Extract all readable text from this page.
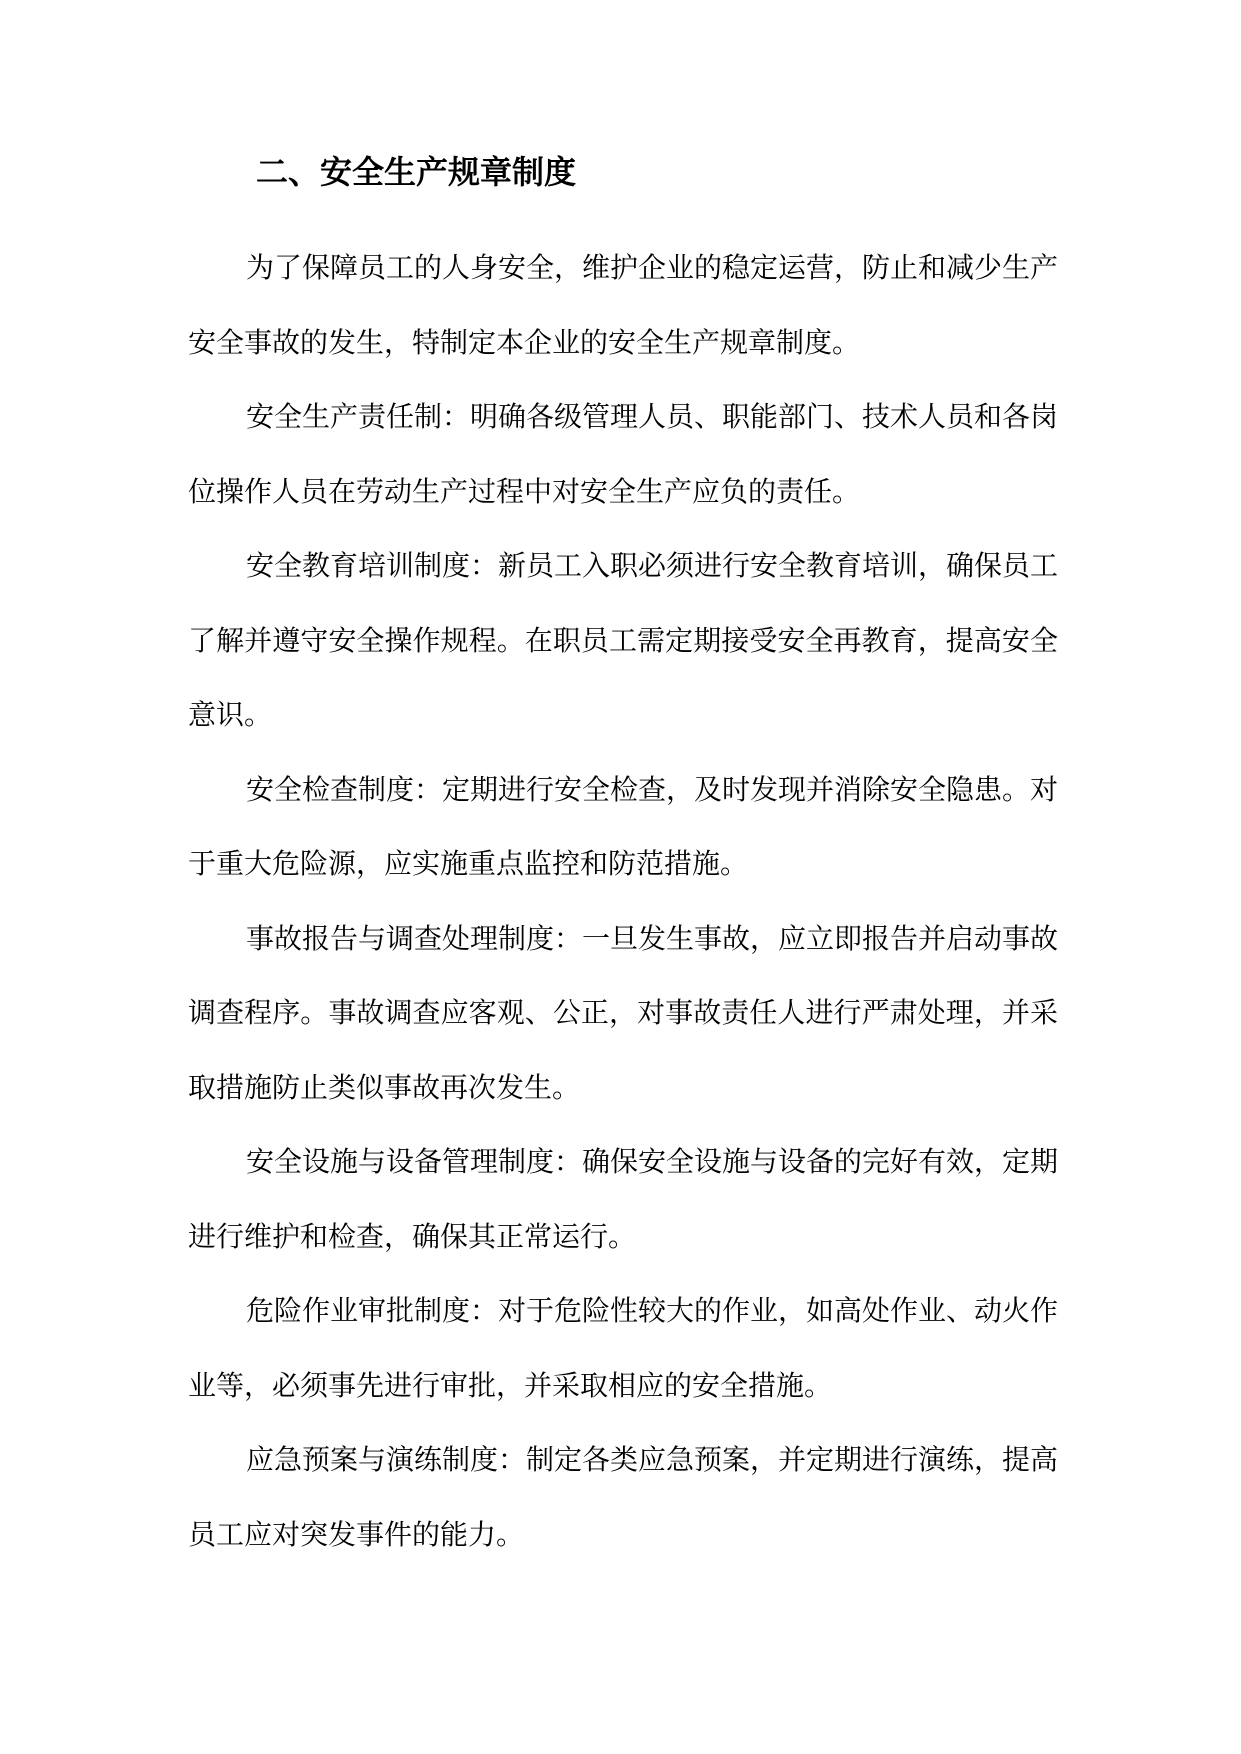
二、安全生产规章制度

为了保障员工的人身安全，维护企业的稳定运营，防止和减少生产安全事故的发生，特制定本企业的安全生产规章制度。

安全生产责任制：明确各级管理人员、职能部门、技术人员和各岗位操作人员在劳动生产过程中对安全生产应负的责任。

安全教育培训制度：新员工入职必须进行安全教育培训，确保员工了解并遵守安全操作规程。在职员工需定期接受安全再教育，提高安全意识。

安全检查制度：定期进行安全检查，及时发现并消除安全隐患。对于重大危险源，应实施重点监控和防范措施。

事故报告与调查处理制度：一旦发生事故，应立即报告并启动事故调查程序。事故调查应客观、公正，对事故责任人进行严肃处理，并采取措施防止类似事故再次发生。

安全设施与设备管理制度：确保安全设施与设备的完好有效，定期进行维护和检查，确保其正常运行。

危险作业审批制度：对于危险性较大的作业，如高处作业、动火作业等，必须事先进行审批，并采取相应的安全措施。

应急预案与演练制度：制定各类应急预案，并定期进行演练，提高员工应对突发事件的能力。
